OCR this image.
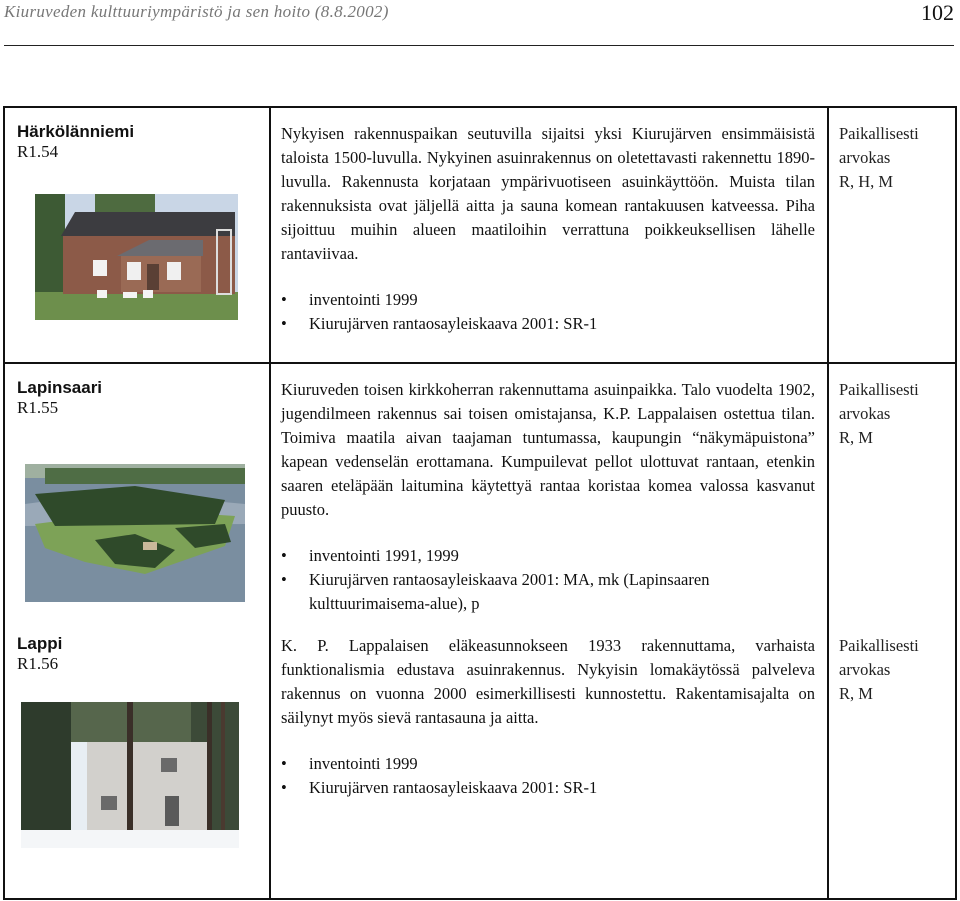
Kiuruveden kulttuuriympäristö ja sen hoito (8.8.2002)	102
Härkölänniemi
R1.54
Nykyisen rakennuspaikan seutuvilla sijaitsi yksi Kiurujärven ensimmäisistä taloista 1500-luvulla. Nykyinen asuinrakennus on oletettavasti rakennettu 1890-luvulla. Rakennusta korjataan ympärivuotiseen asuinkäyttöön. Muista tilan rakennuksista ovat jäljellä aitta ja sauna komean rantakuusen katveessa. Piha sijoittuu muihin alueen maatiloihin verrattuna poikkeuksellisen lähelle rantaviivaa.
• inventointi 1999
• Kiurujärven rantaosayleiskaava 2001: SR-1
Paikallisesti
arvokas
R, H, M
Lapinsaari
R1.55
Kiuruveden toisen kirkkoherran rakennuttama asuinpaikka. Talo vuodelta 1902, jugendilmeen rakennus sai toisen omistajansa, K.P. Lappalaisen ostettua tilan. Toimiva maatila aivan taajaman tuntumassa, kaupungin “näkymäpuistona” kapean vedenselän erottamana. Kumpuilevat pellot ulottuvat rantaan, etenkin saaren eteläpään laitumina käytettyä rantaa koristaa komea valossa kasvanut puusto.
• inventointi 1991, 1999
• Kiurujärven rantaosayleiskaava 2001: MA, mk (Lapinsaaren kulttuurimaisema-alue), p
Paikallisesti
arvokas
R, M
Lappi
R1.56
K. P. Lappalaisen eläkeasunnokseen 1933 rakennuttama, varhaista funktionalismia edustava asuinrakennus. Nykyisin lomakäytössä palveleva rakennus on vuonna 2000 esimerkillisesti kunnostettu. Rakentamisajalta on säilynyt myös sievä rantasauna ja aitta.
• inventointi 1999
• Kiurujärven rantaosayleiskaava 2001: SR-1
Paikallisesti
arvokas
R, M
